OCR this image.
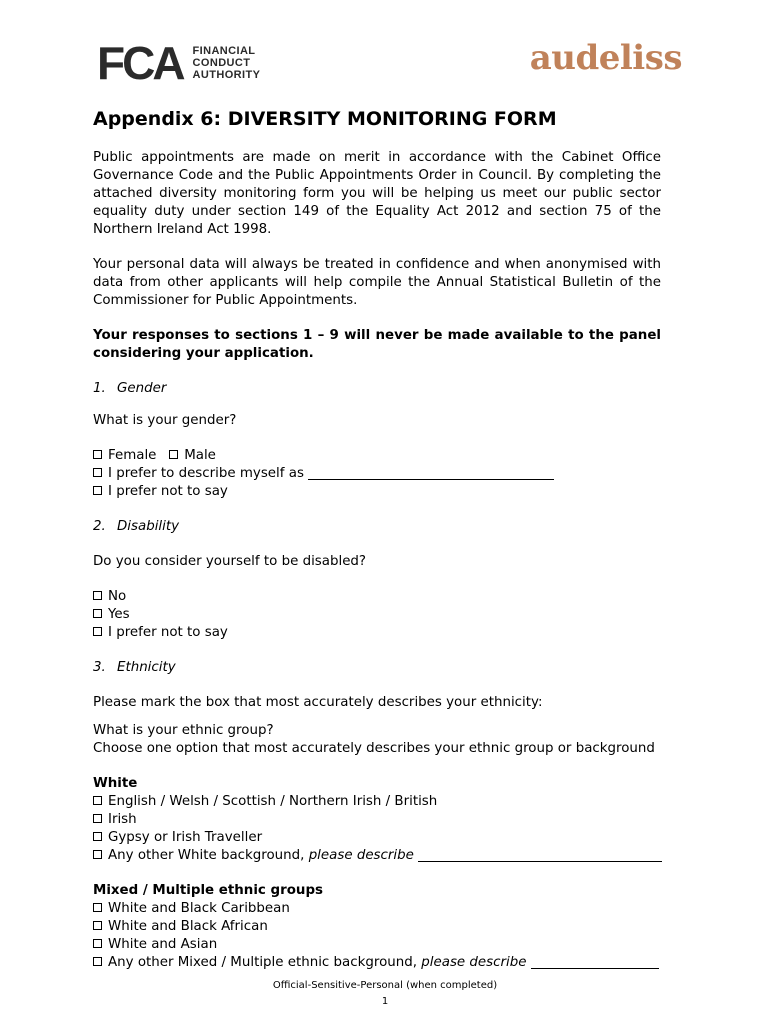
FCA FINANCIAL
CONDUCT
AUTHORITY	audeliss
Appendix 6: DIVERSITY MONITORING FORM

Public appointments are made on merit in accordance with the Cabinet Office Governance Code and the Public Appointments Order in Council. By completing the attached diversity monitoring form you will be helping us meet our public sector equality duty under section 149 of the Equality Act 2012 and section 75 of the Northern Ireland Act 1998.

Your personal data will always be treated in confidence and when anonymised with data from other applicants will help compile the Annual Statistical Bulletin of the Commissioner for Public Appointments.

Your responses to sections 1 – 9 will never be made available to the panel considering your application.

1. Gender

What is your gender?

Female Male

I prefer to describe myself as

I prefer not to say

2. Disability

Do you consider yourself to be disabled?

No

Yes

I prefer not to say

3. Ethnicity

Please mark the box that most accurately describes your ethnicity:

What is your ethnic group?

Choose one option that most accurately describes your ethnic group or background

White

English / Welsh / Scottish / Northern Irish / British

Irish

Gypsy or Irish Traveller

Any other White background, please describe

Mixed / Multiple ethnic groups

White and Black Caribbean

White and Black African

White and Asian

Any other Mixed / Multiple ethnic background, please describe

Official-Sensitive-Personal (when completed)
1
